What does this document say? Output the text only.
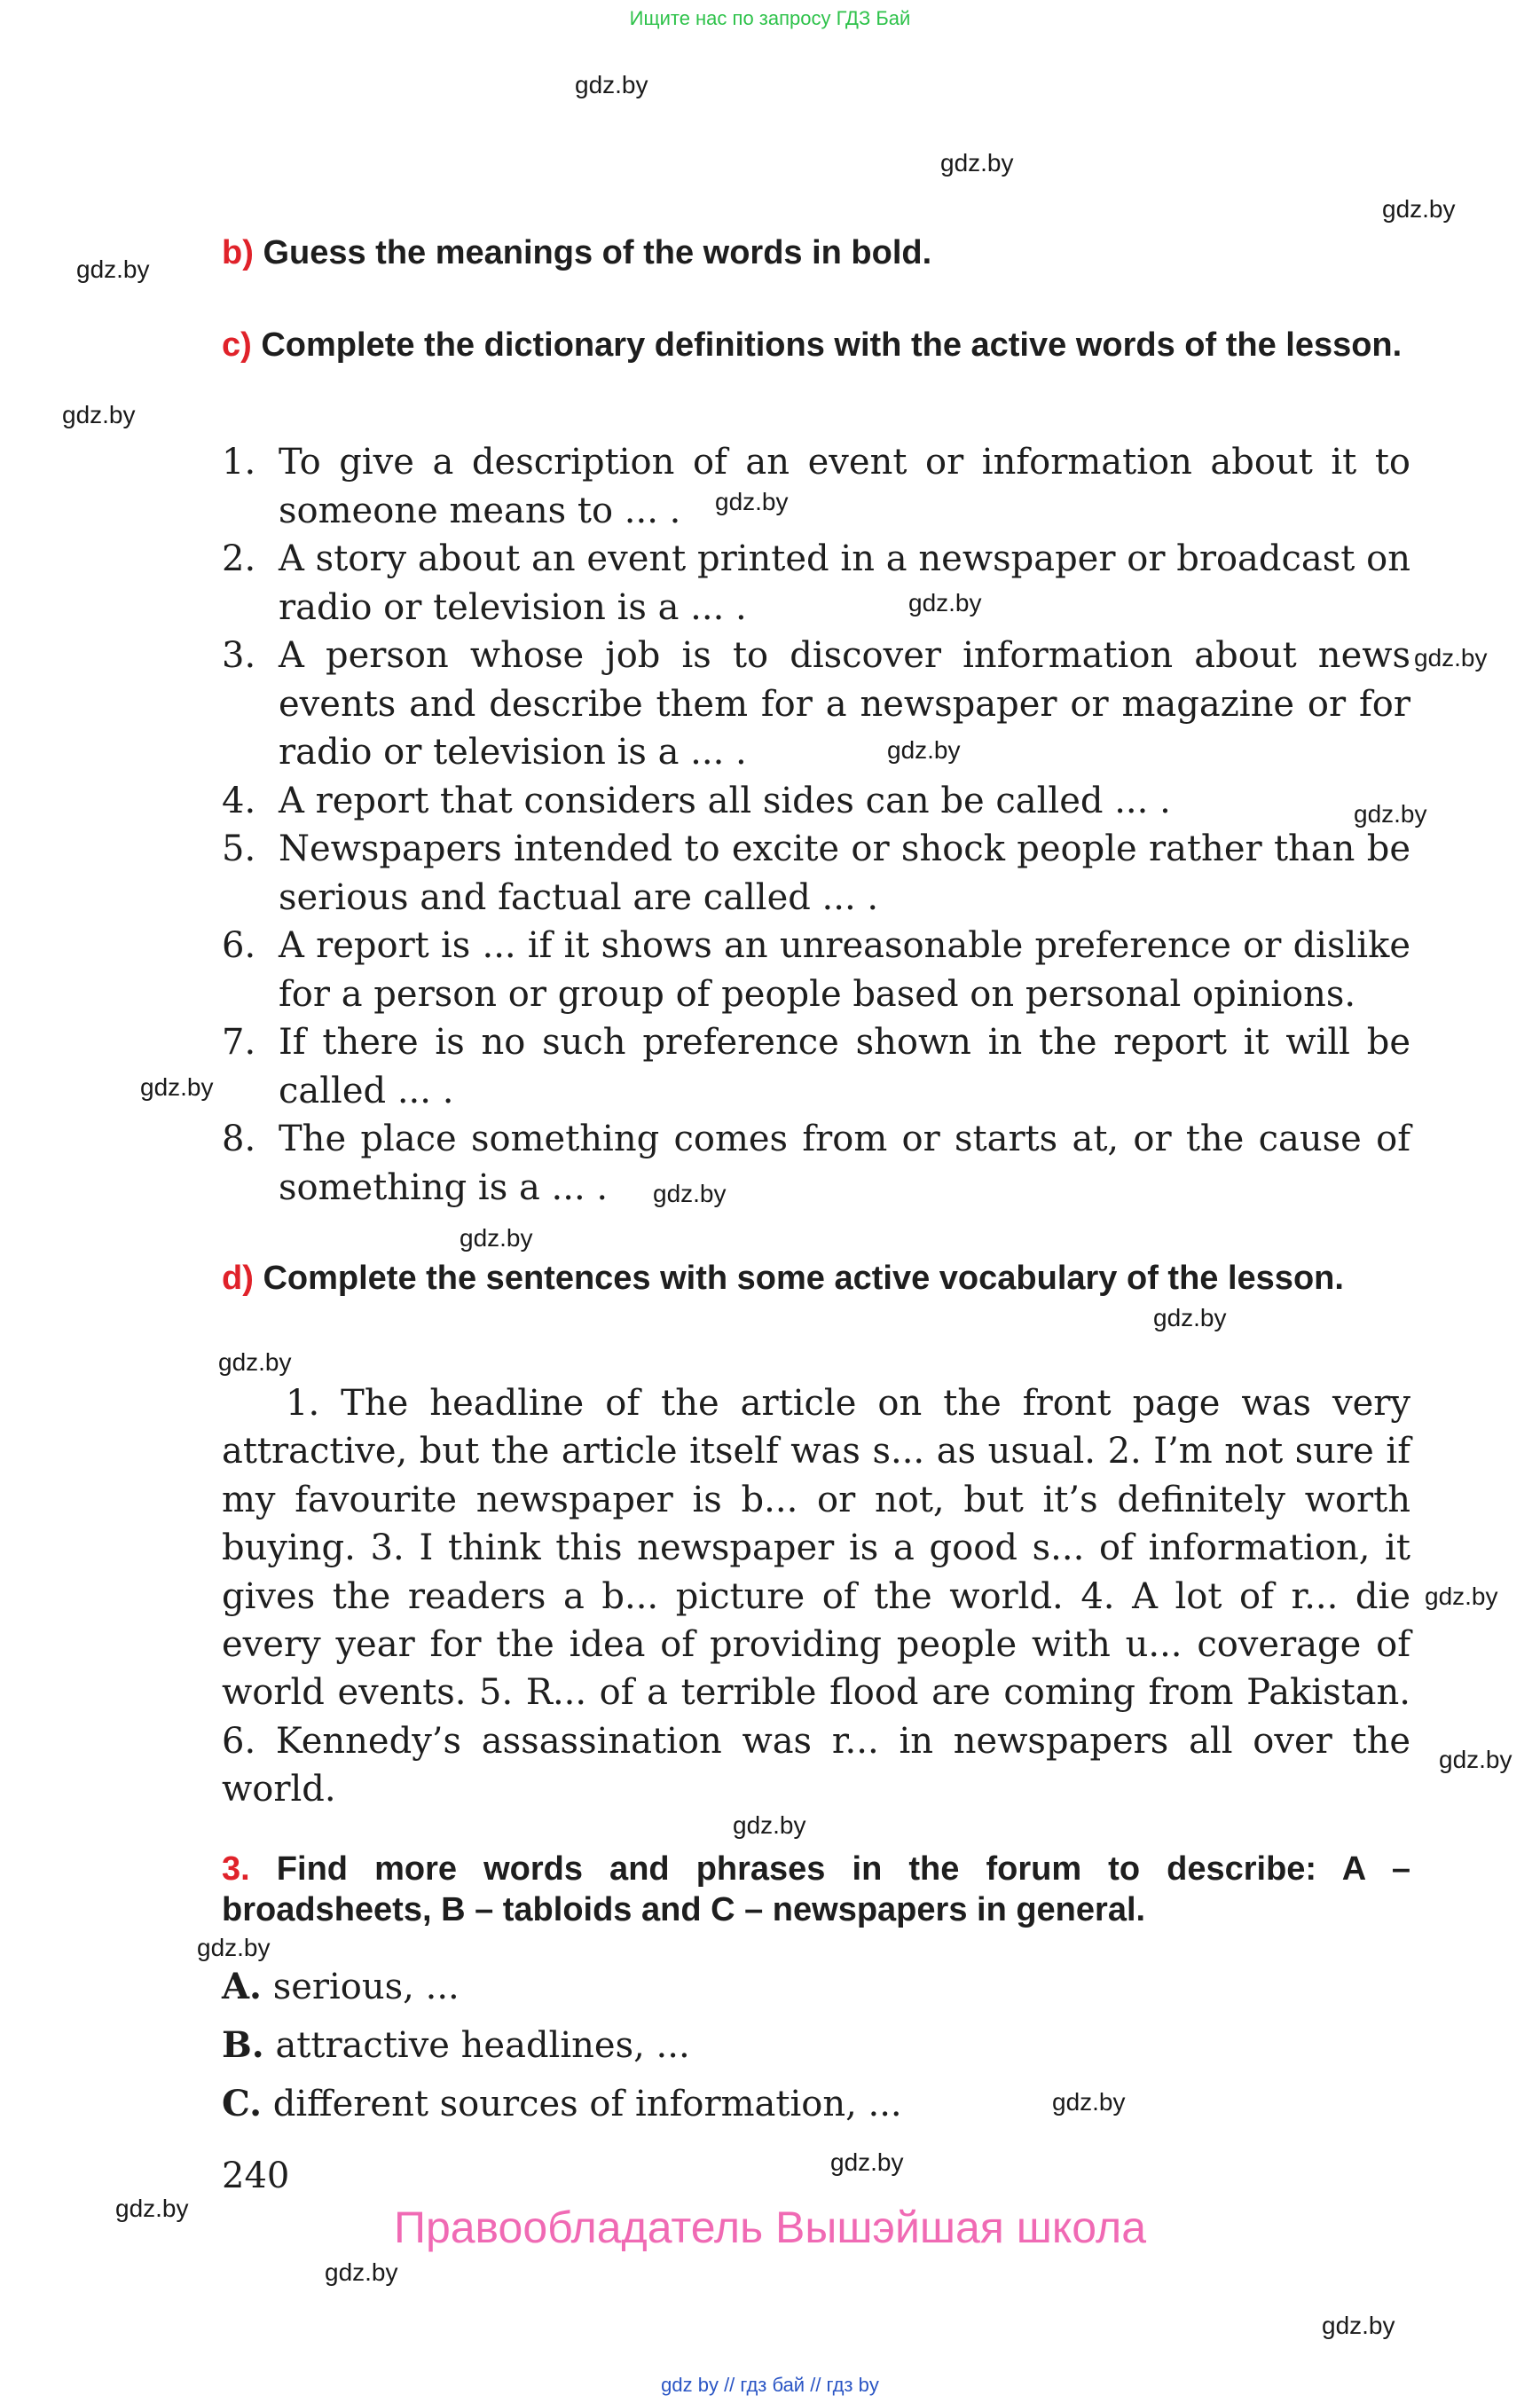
Ищите нас по запросу ГДЗ Бай
gdz.by
gdz.by
gdz.by
gdz.by
gdz.by
gdz.by
gdz.by
gdz.by
gdz.by
gdz.by
gdz.by
gdz.by
gdz.by
gdz.by
gdz.by
gdz.by
gdz.by
gdz.by
gdz.by
gdz.by
gdz.by
gdz.by
gdz.by
gdz.by
b) Guess the meanings of the words in bold.
c) Complete the dictionary definitions with the active words of the lesson.
1. To give a description of an event or information about it to someone means to ... .
2. A story about an event printed in a newspaper or broadcast on radio or television is a ... .
3. A person whose job is to discover information about news events and describe them for a newspaper or magazine or for radio or television is a ... .
4. A report that considers all sides can be called ... .
5. Newspapers intended to excite or shock people rather than be serious and factual are called ... .
6. A report is ... if it shows an unreasonable preference or dislike for a person or group of people based on personal opinions.
7. If there is no such preference shown in the report it will be called ... .
8. The place something comes from or starts at, or the cause of something is a ... .
d) Complete the sentences with some active vocabulary of the lesson.
1. The headline of the article on the front page was very attractive, but the article itself was s... as usual. 2. I’m not sure if my favourite newspaper is b... or not, but it’s definitely worth buying. 3. I think this newspaper is a good s... of information, it gives the readers a b... picture of the world. 4. A lot of r... die every year for the idea of providing people with u... coverage of world events. 5. R... of a terrible flood are coming from Pakistan. 6. Kennedy’s assassination was r... in newspapers all over the world.
3. Find more words and phrases in the forum to describe: A – broadsheets, B – tabloids and C – newspapers in general.
A. serious, ...
B. attractive headlines, ...
C. different sources of information, ...
240
Правообладатель Вышэйшая школа
gdz by // гдз бай // гдз by
